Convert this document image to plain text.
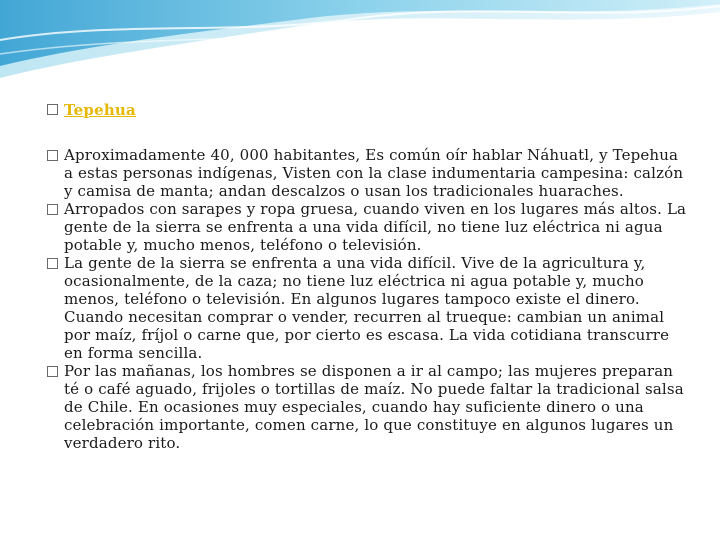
Tepehua
Aproximadamente 40, 000 habitantes, Es común oír hablar Náhuatl, y Tepehua a estas personas indígenas, Visten con la clase indumentaria campesina: calzón y camisa de manta; andan descalzos o usan los tradicionales huaraches.
Arropados con sarapes y ropa gruesa, cuando viven en los lugares más altos. La gente de la sierra se enfrenta a una vida difícil, no tiene luz eléctrica ni agua potable y, mucho menos, teléfono o televisión.
La gente de la sierra se enfrenta a una vida difícil. Vive de la agricultura y, ocasionalmente, de la caza; no tiene luz eléctrica ni agua potable y, mucho menos, teléfono o televisión. En algunos lugares tampoco existe el dinero. Cuando necesitan comprar o vender, recurren al trueque: cambian un animal por maíz, fríjol o carne que, por cierto es escasa. La vida cotidiana transcurre en forma sencilla.
Por las mañanas, los hombres se disponen a ir al campo; las mujeres preparan té o café aguado, frijoles o tortillas de maíz. No puede faltar la tradicional salsa de Chile. En ocasiones muy especiales, cuando hay suficiente dinero o una celebración importante, comen carne, lo que constituye en algunos lugares un verdadero rito.
